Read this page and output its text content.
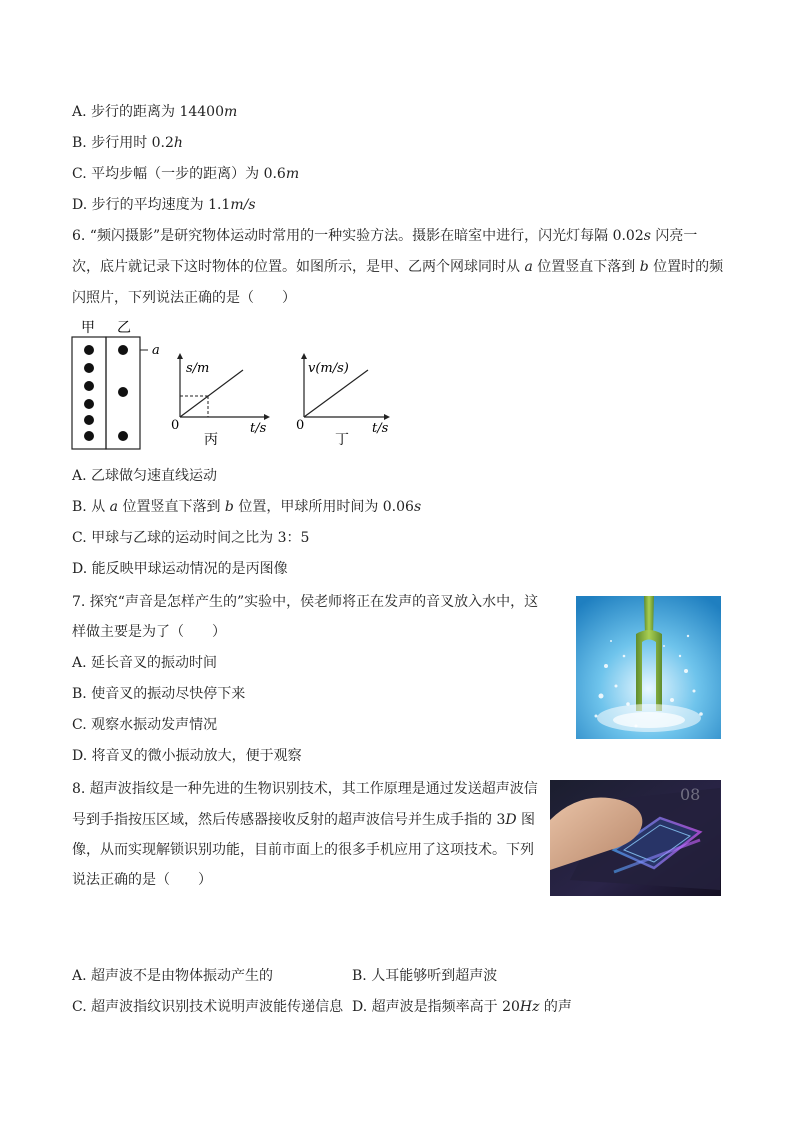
A. 步行的距离为 14400m
B. 步行用时 0.2h
C. 平均步幅（一步的距离）为 0.6m
D. 步行的平均速度为 1.1m/s
6. “频闪摄影”是研究物体运动时常用的一种实验方法。摄影在暗室中进行，闪光灯每隔 0.02s 闪亮一
次，底片就记录下这时物体的位置。如图所示，是甲、乙两个网球同时从 a 位置竖直下落到 b 位置时的频
闪照片，下列说法正确的是（　　）
甲 乙
a
s/m
t/s
0
丙
v(m/s)
t/s
0
丁
A. 乙球做匀速直线运动
B. 从 a 位置竖直下落到 b 位置，甲球所用时间为 0.06s
C. 甲球与乙球的运动时间之比为 3：5
D. 能反映甲球运动情况的是丙图像
7. 探究“声音是怎样产生的”实验中，侯老师将正在发声的音叉放入水中，这
样做主要是为了（　　）
A. 延长音叉的振动时间
B. 使音叉的振动尽快停下来
C. 观察水振动发声情况
D. 将音叉的微小振动放大，便于观察
8. 超声波指纹是一种先进的生物识别技术，其工作原理是通过发送超声波信
号到手指按压区域，然后传感器接收反射的超声波信号并生成手指的 3D 图
像，从而实现解锁识别功能，目前市面上的很多手机应用了这项技术。下列
说法正确的是（　　）
08
A. 超声波不是由物体振动产生的	B. 人耳能够听到超声波
C. 超声波指纹识别技术说明声波能传递信息 D. 超声波是指频率高于 20Hz 的声
